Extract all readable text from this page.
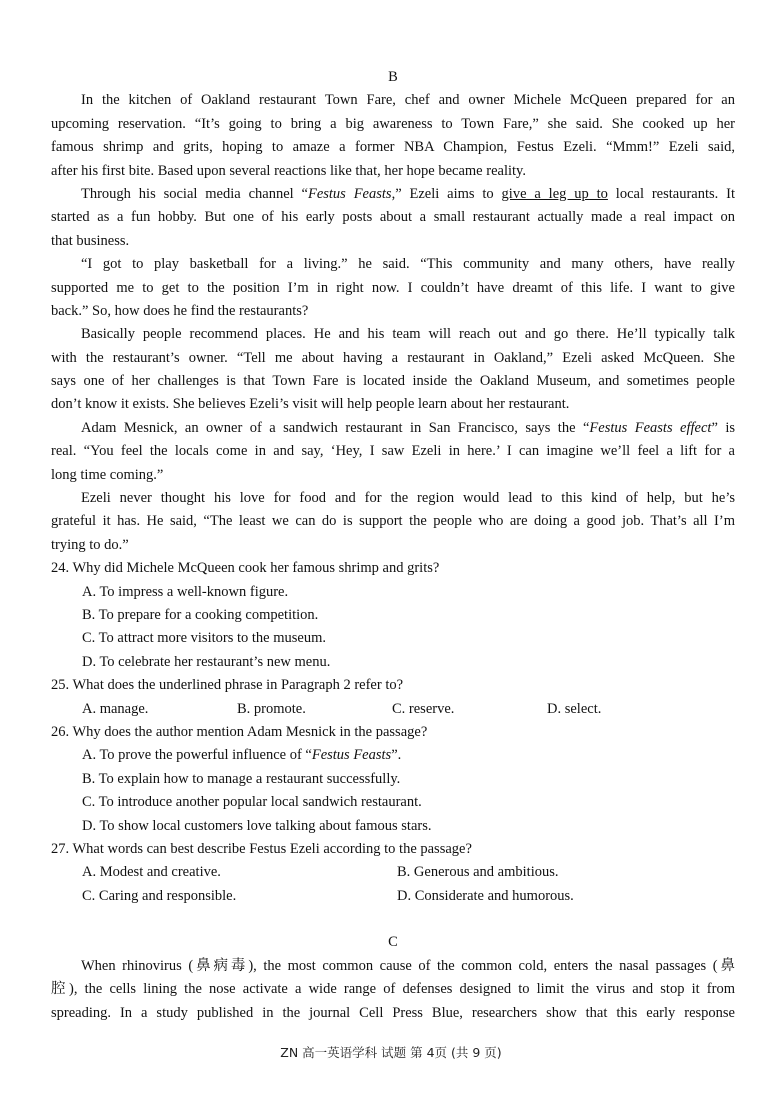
B
In the kitchen of Oakland restaurant Town Fare, chef and owner Michele McQueen prepared for an
upcoming reservation. “It’s going to bring a big awareness to Town Fare,” she said. She cooked up her
famous shrimp and grits, hoping to amaze a former NBA Champion, Festus Ezeli. “Mmm!” Ezeli said,
after his first bite. Based upon several reactions like that, her hope became reality.
Through his social media channel “Festus Feasts,” Ezeli aims to give a leg up to local restaurants. It
started as a fun hobby. But one of his early posts about a small restaurant actually made a real impact on
that business.
“I got to play basketball for a living.” he said. “This community and many others, have really
supported me to get to the position I’m in right now. I couldn’t have dreamt of this life. I want to give
back.” So, how does he find the restaurants?
Basically people recommend places. He and his team will reach out and go there. He’ll typically talk
with the restaurant’s owner. “Tell me about having a restaurant in Oakland,” Ezeli asked McQueen. She
says one of her challenges is that Town Fare is located inside the Oakland Museum, and sometimes people
don’t know it exists. She believes Ezeli’s visit will help people learn about her restaurant.
Adam Mesnick, an owner of a sandwich restaurant in San Francisco, says the “Festus Feasts effect” is
real. “You feel the locals come in and say, ‘Hey, I saw Ezeli in here.’ I can imagine we’ll feel a lift for a
long time coming.”
Ezeli never thought his love for food and for the region would lead to this kind of help, but he’s
grateful it has. He said, “The least we can do is support the people who are doing a good job. That’s all I’m
trying to do.”
24. Why did Michele McQueen cook her famous shrimp and grits?
A. To impress a well-known figure.
B. To prepare for a cooking competition.
C. To attract more visitors to the museum.
D. To celebrate her restaurant’s new menu.
25. What does the underlined phrase in Paragraph 2 refer to?
A. manage.	B. promote.	C. reserve.	D. select.
26. Why does the author mention Adam Mesnick in the passage?
A. To prove the powerful influence of “Festus Feasts”.
B. To explain how to manage a restaurant successfully.
C. To introduce another popular local sandwich restaurant.
D. To show local customers love talking about famous stars.
27. What words can best describe Festus Ezeli according to the passage?
A. Modest and creative.	B. Generous and ambitious.
C. Caring and responsible.	D. Considerate and humorous.
C
When rhinovirus (鼻病毒), the most common cause of the common cold, enters the nasal passages (鼻
腔), the cells lining the nose activate a wide range of defenses designed to limit the virus and stop it from
spreading. In a study published in the journal Cell Press Blue, researchers show that this early response
ZN 高一英语学科 试题 第 4页 (共 9 页)
